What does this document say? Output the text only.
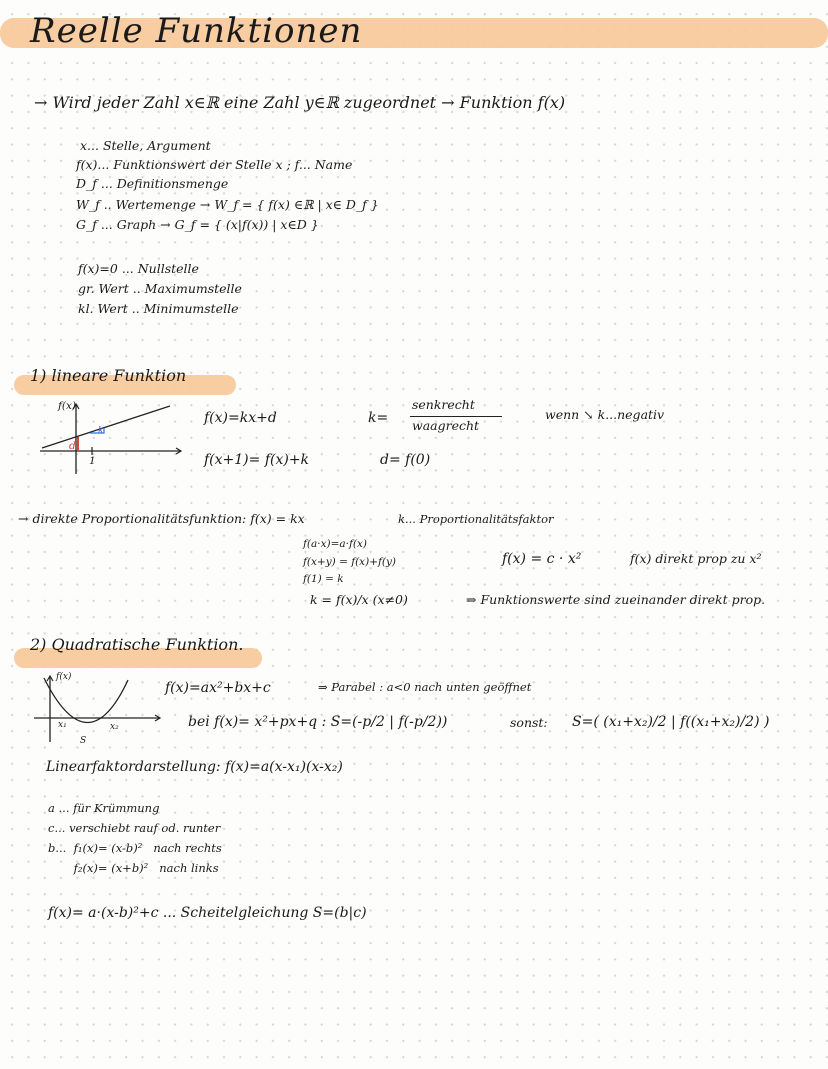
Reelle Funktionen
→ Wird jeder Zahl x∈ℝ eine Zahl y∈ℝ zugeordnet → Funktion f(x)
x... Stelle, Argument
f(x)... Funktionswert der Stelle x ; f... Name
D_f ... Definitionsmenge
W_f .. Wertemenge → W_f = { f(x) ∈ℝ | x∈ D_f }
G_f ... Graph → G_f = { (x|f(x)) | x∈D }
f(x)=0 ... Nullstelle
gr. Wert .. Maximumstelle
kl. Wert .. Minimumstelle
1) lineare Funktion
f(x)
k
d
1
f(x)=kx+d
f(x+1)= f(x)+k
k=
senkrecht
waagrecht
d= f(0)
wenn ↘ k...negativ
→ direkte Proportionalitätsfunktion: f(x) = kx	k... Proportionalitätsfaktor
f(a·x)=a·f(x)
f(x+y) = f(x)+f(y)
f(1) = k
k = f(x)/x (x≠0)
f(x) = c · x²	f(x) direkt prop zu x²
⇒ Funktionswerte sind zueinander direkt prop.
2) Quadratische Funktion.
f(x)
x₁	x₂
S
f(x)=ax²+bx+c	⇒ Parabel : a<0 nach unten geöffnet
bei f(x)= x²+px+q : S=(-p/2 | f(-p/2))	sonst: S=( (x₁+x₂)/2 | f((x₁+x₂)/2) )
Linearfaktordarstellung: f(x)=a(x-x₁)(x-x₂)
a ... für Krümmung
c... verschiebt rauf od. runter
b...  f₁(x)= (x-b)²   nach rechts
f₂(x)= (x+b)²   nach links
f(x)= a·(x-b)²+c ... Scheitelgleichung S=(b|c)
